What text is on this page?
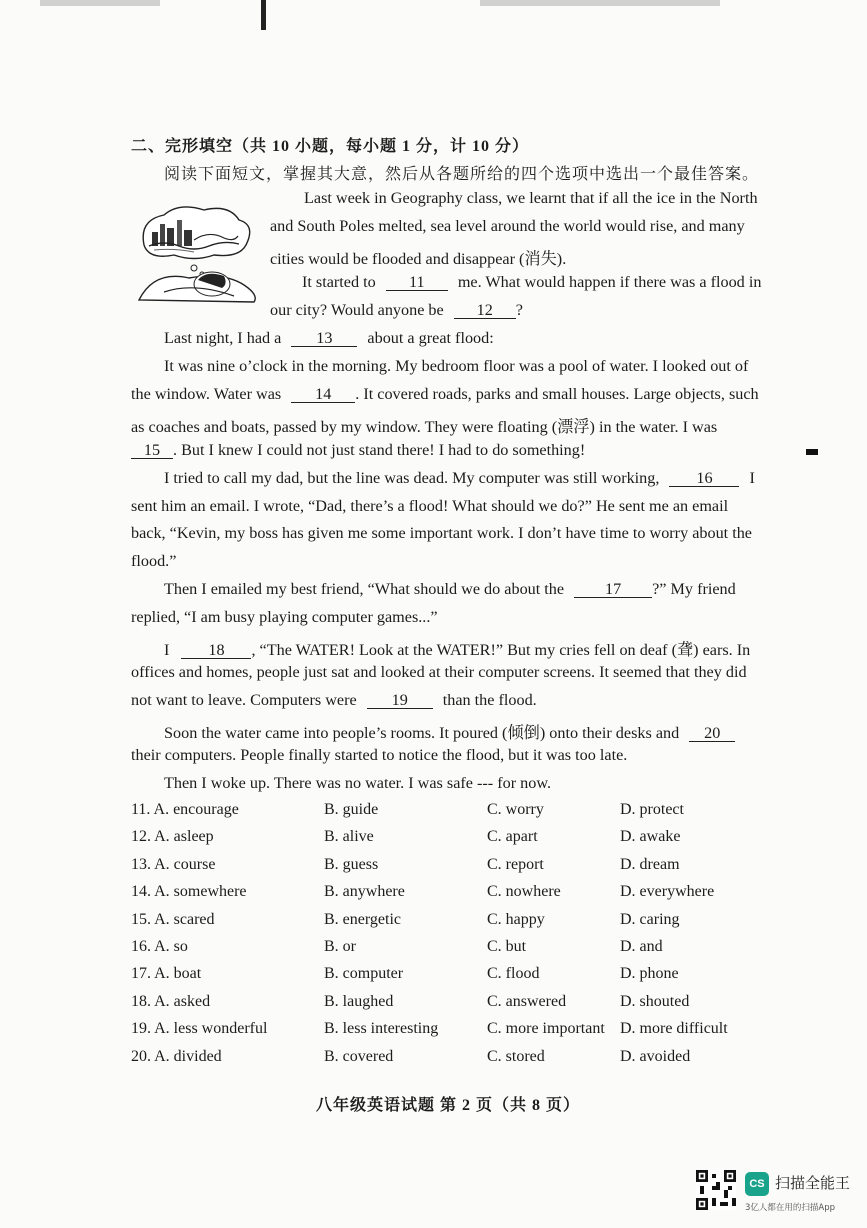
二、完形填空（共 10 小题，每小题 1 分，计 10 分）
阅读下面短文，掌握其大意，然后从各题所给的四个选项中选出一个最佳答案。
Last week in Geography class, we learnt that if all the ice in the North
and South Poles melted, sea level around the world would rise, and many
cities would be flooded and disappear (消失).
It started to 11 me. What would happen if there was a flood in
our city? Would anyone be 12 ?
Last night, I had a 13 about a great flood:
It was nine o’clock in the morning. My bedroom floor was a pool of water. I looked out of
the window. Water was 14 . It covered roads, parks and small houses. Large objects, such
as coaches and boats, passed by my window. They were floating (漂浮) in the water. I was
15 . But I knew I could not just stand there! I had to do something!
I tried to call my dad, but the line was dead. My computer was still working, 16 I
sent him an email. I wrote, “Dad, there’s a flood! What should we do?” He sent me an email
back, “Kevin, my boss has given me some important work. I don’t have time to worry about the
flood.”
Then I emailed my best friend, “What should we do about the	17 ?” My friend
replied, “I am busy playing computer games...”
I 18 , “The WATER! Look at the WATER!” But my cries fell on deaf (聋) ears. In
offices and homes, people just sat and looked at their computer screens. It seemed that they did
not want to leave. Computers were 19 than the flood.
Soon the water came into people’s rooms. It poured (倾倒) onto their desks and 20
their computers. People finally started to notice the flood, but it was too late.
Then I woke up. There was no water. I was safe --- for now.
11. A. encourage	B. guide	C. worry	D. protect
12. A. asleep	B. alive	C. apart	D. awake
13. A. course	B. guess	C. report	D. dream
14. A. somewhere	B. anywhere	C. nowhere	D. everywhere
15. A. scared	B. energetic	C. happy	D. caring
16. A. so	B. or	C. but	D. and
17. A. boat	B. computer	C. flood	D. phone
18. A. asked	B. laughed	C. answered	D. shouted
19. A. less wonderful	B. less interesting	C. more important D. more difficult
20. A. divided	B. covered	C. stored	D. avoided
八年级英语试题 第 2 页（共 8 页）
CS 扫描全能王
3亿人都在用的扫描App
